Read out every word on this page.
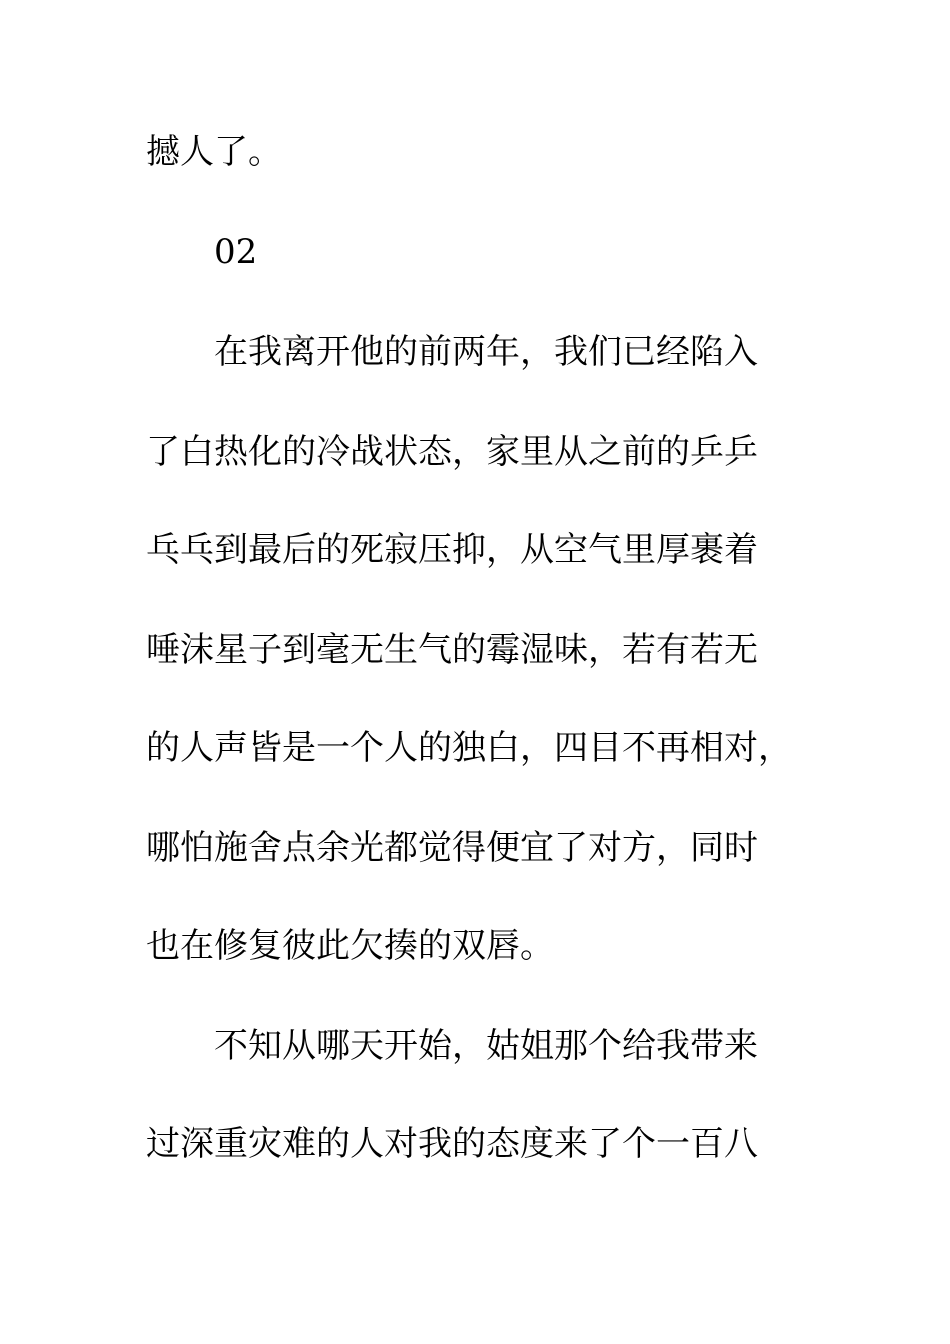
撼人了。
02
在我离开他的前两年，我们已经陷入
了白热化的冷战状态，家里从之前的乒乒
乓乓到最后的死寂压抑，从空气里厚裹着
唾沫星子到毫无生气的霉湿味，若有若无
的人声皆是一个人的独白，四目不再相对，
哪怕施舍点余光都觉得便宜了对方，同时
也在修复彼此欠揍的双唇。
不知从哪天开始，姑姐那个给我带来
过深重灾难的人对我的态度来了个一百八
